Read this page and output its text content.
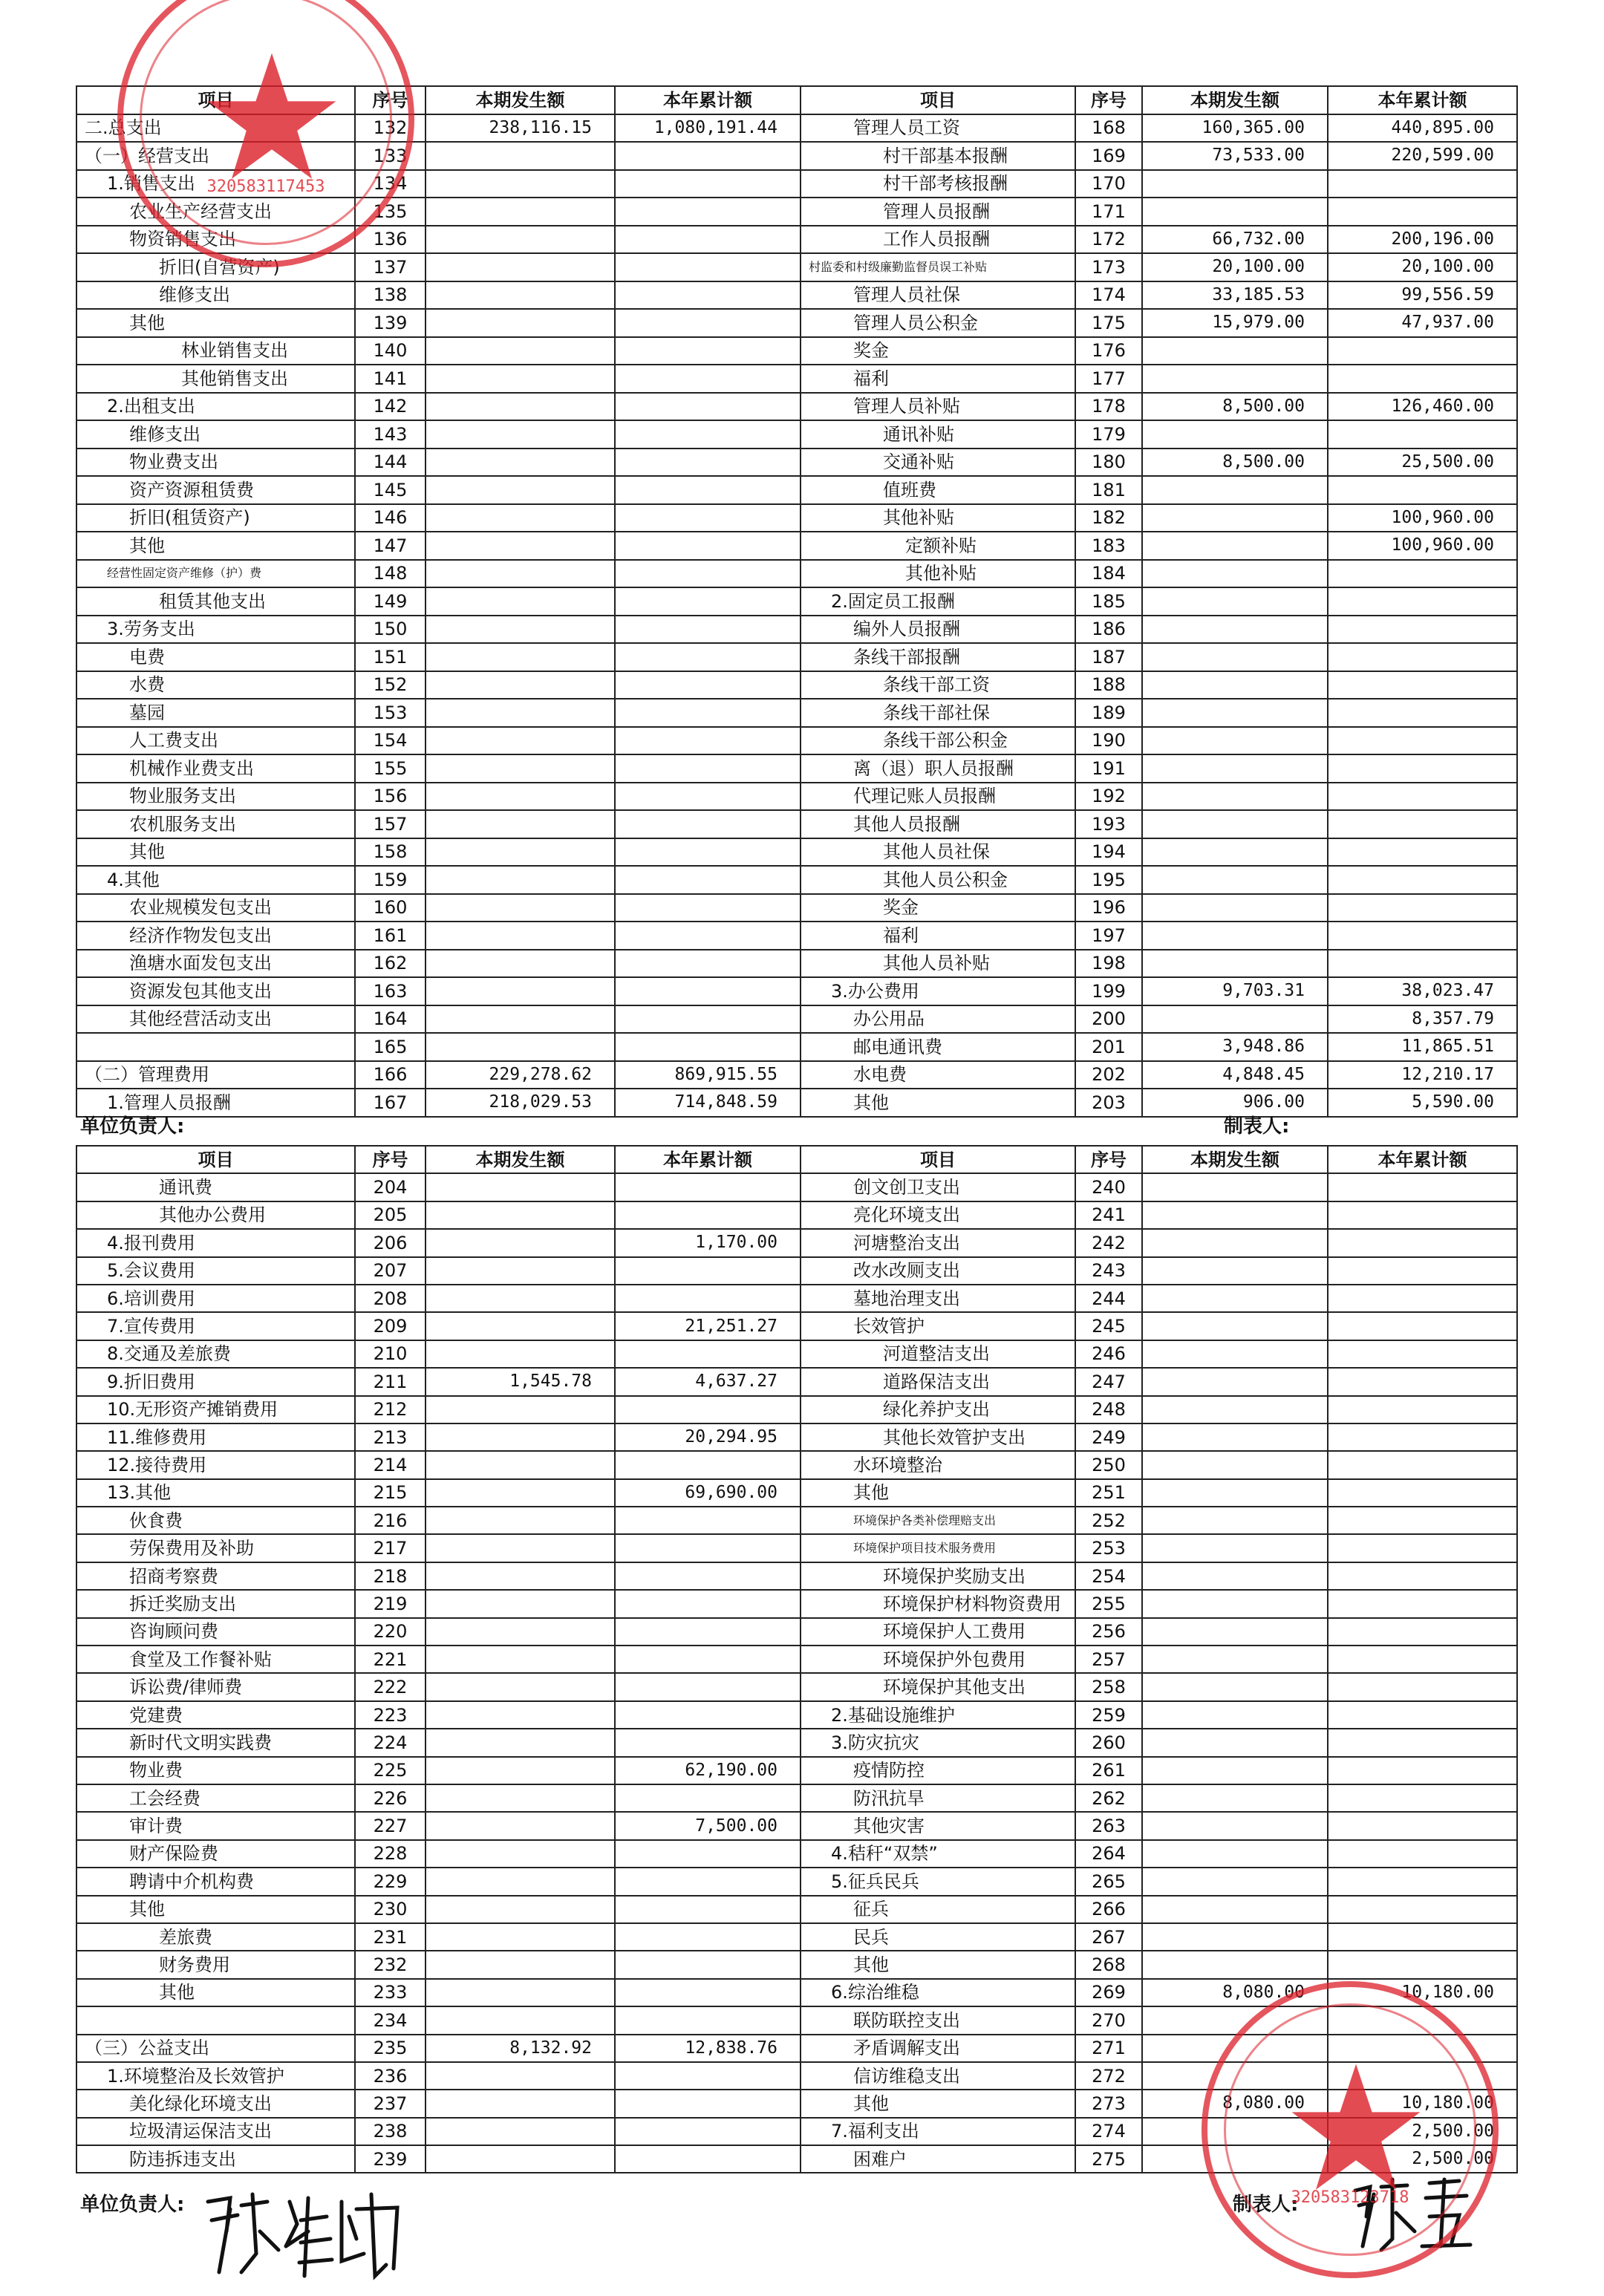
项目	序号	本期发生额	本年累计额	项目	序号	本期发生额	本年累计额
二.总支出	132	238,116.15	1,080,191.44	管理人员工资	168	160,365.00	440,895.00
（一）经营支出	133			村干部基本报酬	169	73,533.00	220,599.00
1.销售支出	134			村干部考核报酬	170		
农业生产经营支出	135			管理人员报酬	171		
物资销售支出	136			工作人员报酬	172	66,732.00	200,196.00
折旧(自营资产)	137			村监委和村级廉勤监督员误工补贴	173	20,100.00	20,100.00
维修支出	138			管理人员社保	174	33,185.53	99,556.59
其他	139			管理人员公积金	175	15,979.00	47,937.00
林业销售支出	140			奖金	176		
其他销售支出	141			福利	177		
2.出租支出	142			管理人员补贴	178	8,500.00	126,460.00
维修支出	143			通讯补贴	179		
物业费支出	144			交通补贴	180	8,500.00	25,500.00
资产资源租赁费	145			值班费	181		
折旧(租赁资产)	146			其他补贴	182		100,960.00
其他	147			定额补贴	183		100,960.00
经营性固定资产维修（护）费	148			其他补贴	184		
租赁其他支出	149			2.固定员工报酬	185		
3.劳务支出	150			编外人员报酬	186		
电费	151			条线干部报酬	187		
水费	152			条线干部工资	188		
墓园	153			条线干部社保	189		
人工费支出	154			条线干部公积金	190		
机械作业费支出	155			离（退）职人员报酬	191		
物业服务支出	156			代理记账人员报酬	192		
农机服务支出	157			其他人员报酬	193		
其他	158			其他人员社保	194		
4.其他	159			其他人员公积金	195		
农业规模发包支出	160			奖金	196		
经济作物发包支出	161			福利	197		
渔塘水面发包支出	162			其他人员补贴	198		
资源发包其他支出	163			3.办公费用	199	9,703.31	38,023.47
其他经营活动支出	164			办公用品	200		8,357.79
	165			邮电通讯费	201	3,948.86	11,865.51
（二）管理费用	166	229,278.62	869,915.55	水电费	202	4,848.45	12,210.17
1.管理人员报酬	167	218,029.53	714,848.59	其他	203	906.00	5,590.00
单位负责人:	制表人:
项目	序号	本期发生额	本年累计额	项目	序号	本期发生额	本年累计额
通讯费	204			创文创卫支出	240		
其他办公费用	205			亮化环境支出	241		
4.报刊费用	206		1,170.00	河塘整治支出	242		
5.会议费用	207			改水改厕支出	243		
6.培训费用	208			墓地治理支出	244		
7.宣传费用	209		21,251.27	长效管护	245		
8.交通及差旅费	210			河道整洁支出	246		
9.折旧费用	211	1,545.78	4,637.27	道路保洁支出	247		
10.无形资产摊销费用	212			绿化养护支出	248		
11.维修费用	213		20,294.95	其他长效管护支出	249		
12.接待费用	214			水环境整治	250		
13.其他	215		69,690.00	其他	251		
伙食费	216			环境保护各类补偿理赔支出	252		
劳保费用及补助	217			环境保护项目技术服务费用	253		
招商考察费	218			环境保护奖励支出	254		
拆迁奖励支出	219			环境保护材料物资费用	255		
咨询顾问费	220			环境保护人工费用	256		
食堂及工作餐补贴	221			环境保护外包费用	257		
诉讼费/律师费	222			环境保护其他支出	258		
党建费	223			2.基础设施维护	259		
新时代文明实践费	224			3.防灾抗灾	260		
物业费	225		62,190.00	疫情防控	261		
工会经费	226			防汛抗旱	262		
审计费	227		7,500.00	其他灾害	263		
财产保险费	228			4.秸秆“双禁”	264		
聘请中介机构费	229			5.征兵民兵	265		
其他	230			征兵	266		
差旅费	231			民兵	267		
财务费用	232			其他	268		
其他	233			6.综治维稳	269	8,080.00	10,180.00
	234			联防联控支出	270		
（三）公益支出	235	8,132.92	12,838.76	矛盾调解支出	271		
1.环境整治及长效管护	236			信访维稳支出	272		
美化绿化环境支出	237			其他	273	8,080.00	10,180.00
垃圾清运保洁支出	238			7.福利支出	274		2,500.00
防违拆违支出	239			困难户	275		2,500.00
单位负责人:	制表人:
320583117453
320583123718
